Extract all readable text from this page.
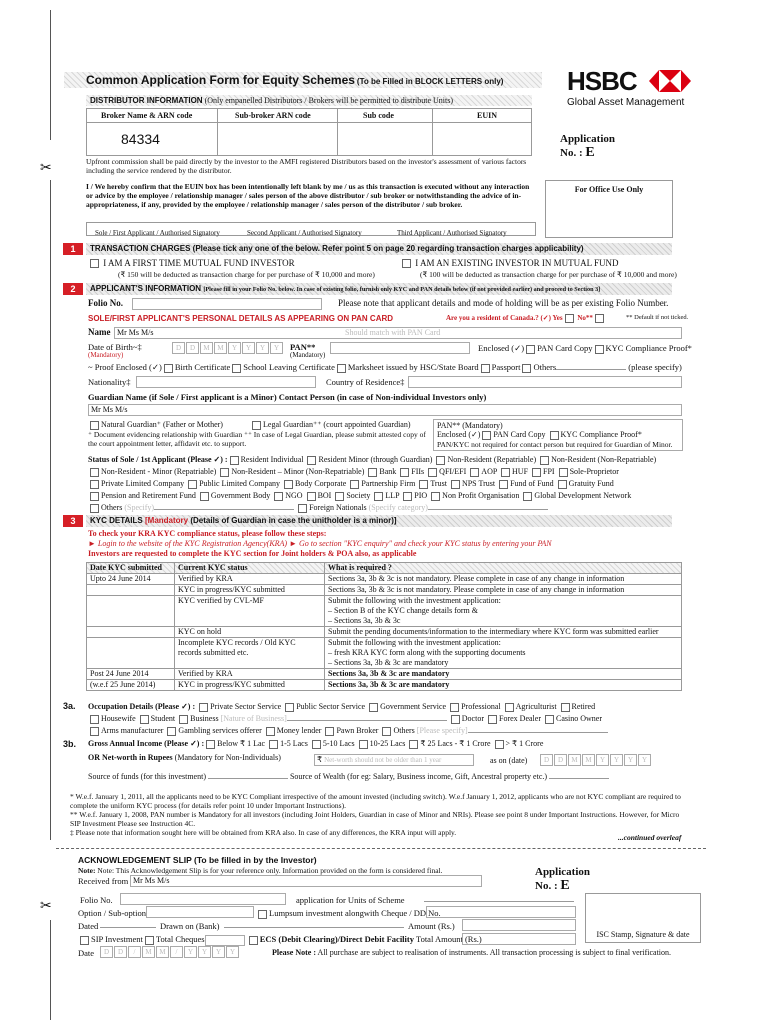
✂
✂
Common Application Form for Equity Schemes (To be Filled in BLOCK LETTERS only)	HSBC
Global Asset Management
DISTRIBUTOR INFORMATION (Only empanelled Distributors / Brokers will be permitted to distribute Units)
Broker Name & ARN code	Sub-broker ARN code	Sub code	EUIN
84334	Application
No. : E
Upfront commission shall be paid directly by the investor to the AMFI registered Distributors based on the investor's assessment of various factors including the service rendered by the distributor.
I / We hereby confirm that the EUIN box has been intentionally left blank by me / us as this transaction is executed without any interaction or advice by the employee / relationship manager / sales person of the above distributor / sub broker or notwithstanding the advice of in-appropriateness, if any, provided by the employee / relationship manager / sales person of the distributor / sub broker.
Sole / First Applicant / Authorised Signatory	Second Applicant / Authorised Signatory	Third Applicant / Authorised Signatory
For Office Use Only
1	TRANSACTION CHARGES (Please tick any one of the below. Refer point 5 on page 20 regarding transaction charges applicability)
I AM A FIRST TIME MUTUAL FUND INVESTOR
(₹ 150 will be deducted as transaction charge for per purchase of ₹ 10,000 and more)
I AM AN EXISTING INVESTOR IN MUTUAL FUND
(₹ 100 will be deducted as transaction charge for per purchase of ₹ 10,000 and more)
2	APPLICANT'S INFORMATION [Please fill in your Folio No. below. In case of existing folio, furnish only KYC and PAN details below (if not provided earlier) and proceed to Section 3]
Folio No.	Please note that applicant details and mode of holding will be as per existing Folio Number.
SOLE/FIRST APPLICANT'S PERSONAL DETAILS AS APPEARING ON PAN CARD	Are you a resident of Canada.? (✓) Yes No**	** Default if not ticked.
Name Mr Ms M/s	Should match with PAN Card
Date of Birth~‡
(Mandatory)
D D M M Y Y Y Y	PAN**
(Mandatory)
Enclosed (✓) PAN Card Copy KYC Compliance Proof*
~ Proof Enclosed (✓) Birth Certificate School Leaving Certificate Marksheet issued by HSC/State Board Passport Others	(please specify)
Nationality‡	Country of Residence‡
Guardian Name (if Sole / First applicant is a Minor) Contact Person (in case of Non-individual Investors only)
Mr Ms M/s
Natural Guardian⁺ (Father or Mother)	Legal Guardian⁺⁺ (court appointed Guardian)
⁺ Document evidencing relationship with Guardian ⁺⁺ In case of Legal Guardian, please submit attested copy of the court appointment letter, affidavit etc. to support.
PAN** (Mandatory)
Enclosed (✓) PAN Card Copy KYC Compliance Proof*
PAN/KYC not required for contact person but required for Guardian of Minor.
Status of Sole / 1st Applicant (Please ✓) : Resident Individual Resident Minor (through Guardian) Non-Resident (Repatriable) Non-Resident (Non-Repatriable)
Non-Resident - Minor (Repatriable) Non-Resident – Minor (Non-Repatriable) Bank FIIs QFI/EFI AOP HUF FPI Sole-Proprietor
Private Limited Company Public Limited Company Body Corporate Partnership Firm Trust NPS Trust Fund of Fund Gratuity Fund
Pension and Retirement Fund Government Body NGO BOI Society LLP PIO Non Profit Organisation Global Development Network
Others (Specify)	Foreign Nationals (Specify category)
3	KYC DETAILS [Mandatory (Details of Guardian in case the unitholder is a minor)]
To check your KRA KYC compliance status, please follow these steps:
► Login to the website of the KYC Registration Agency(KRA) ► Go to section "KYC enquiry" and check your KYC status by entering your PAN
Investors are requested to complete the KYC section for Joint holders & POA also, as applicable
Date KYC submitted	Current KYC status	What is required ?
Upto 24 June 2014	Verified by KRA	Sections 3a, 3b & 3c is not mandatory. Please complete in case of any change in information
	KYC in progress/KYC submitted	Sections 3a, 3b & 3c is not mandatory. Please complete in case of any change in information
	KYC verified by CVL-MF	Submit the following with the investment application:
– Section B of the KYC change details form &
– Sections 3a, 3b & 3c
	KYC on hold	Submit the pending documents/information to the intermediary where KYC form was submitted earlier
	Incomplete KYC records / Old KYC records submitted etc.	Submit the following with the investment application:
– fresh KRA KYC form along with the supporting documents
– Sections 3a, 3b & 3c are mandatory
Post 24 June 2014	Verified by KRA	Sections 3a, 3b & 3c are mandatory
(w.e.f 25 June 2014)	KYC in progress/KYC submitted	Sections 3a, 3b & 3c are mandatory
3a. Occupation Details (Please ✓) : Private Sector Service Public Sector Service Government Service Professional Agriculturist Retired
Housewife Student Business [Nature of Business]	Doctor Forex Dealer Casino Owner
Arms manufacturer Gambling services offerer Money lender Pawn Broker Others [Please specify]
3b. Gross Annual Income (Please ✓) : Below ₹ 1 Lac 1-5 Lacs 5-10 Lacs 10-25 Lacs ₹ 25 Lacs - ₹ 1 Crore > ₹ 1 Crore
OR Net-worth in Rupees (Mandatory for Non-Individuals)	₹ Net-worth should not be older than 1 year	as on (date)	D D M M Y Y Y Y
Source of funds (for this investment)	Source of Wealth (for eg: Salary, Business income, Gift, Ancestral property etc.)
* W.e.f. January 1, 2011, all the applicants need to be KYC Compliant irrespective of the amount invested (including switch). W.e.f January 1, 2012, applicants who are not KYC compliant are required to complete the uniform KYC process (for details refer point 10 under Important Instructions).
** W.e.f. January 1, 2008, PAN number is Mandatory for all investors (including Joint Holders, Guardian in case of Minor and NRIs). Please see point 8 under Important Instructions. However, for Micro SIP Investment Please see Instruction 4C.
‡ Please note that information sought here will be obtained from KRA also. In case of any differences, the KRA input will apply.
...continued overleaf
ACKNOWLEDGEMENT SLIP (To be filled in by the Investor)
Note: Note: This Acknowledgement Slip is for your reference only. Information provided on the form is considered final.
Received from Mr Ms M/s
Application
No. : E
Folio No.	application for Units of Scheme
Option / Sub-option	Lumpsum investment alongwith Cheque / DD No.
Dated	Drawn on (Bank)	Amount (Rs.)
SIP Investment Total Cheques	ECS (Debit Clearing)/Direct Debit Facility Total Amount (Rs.)
Date	D D / M M / Y Y Y Y
ISC Stamp, Signature & date
Please Note : All purchase are subject to realisation of instruments. All transaction processing is subject to final verification.
